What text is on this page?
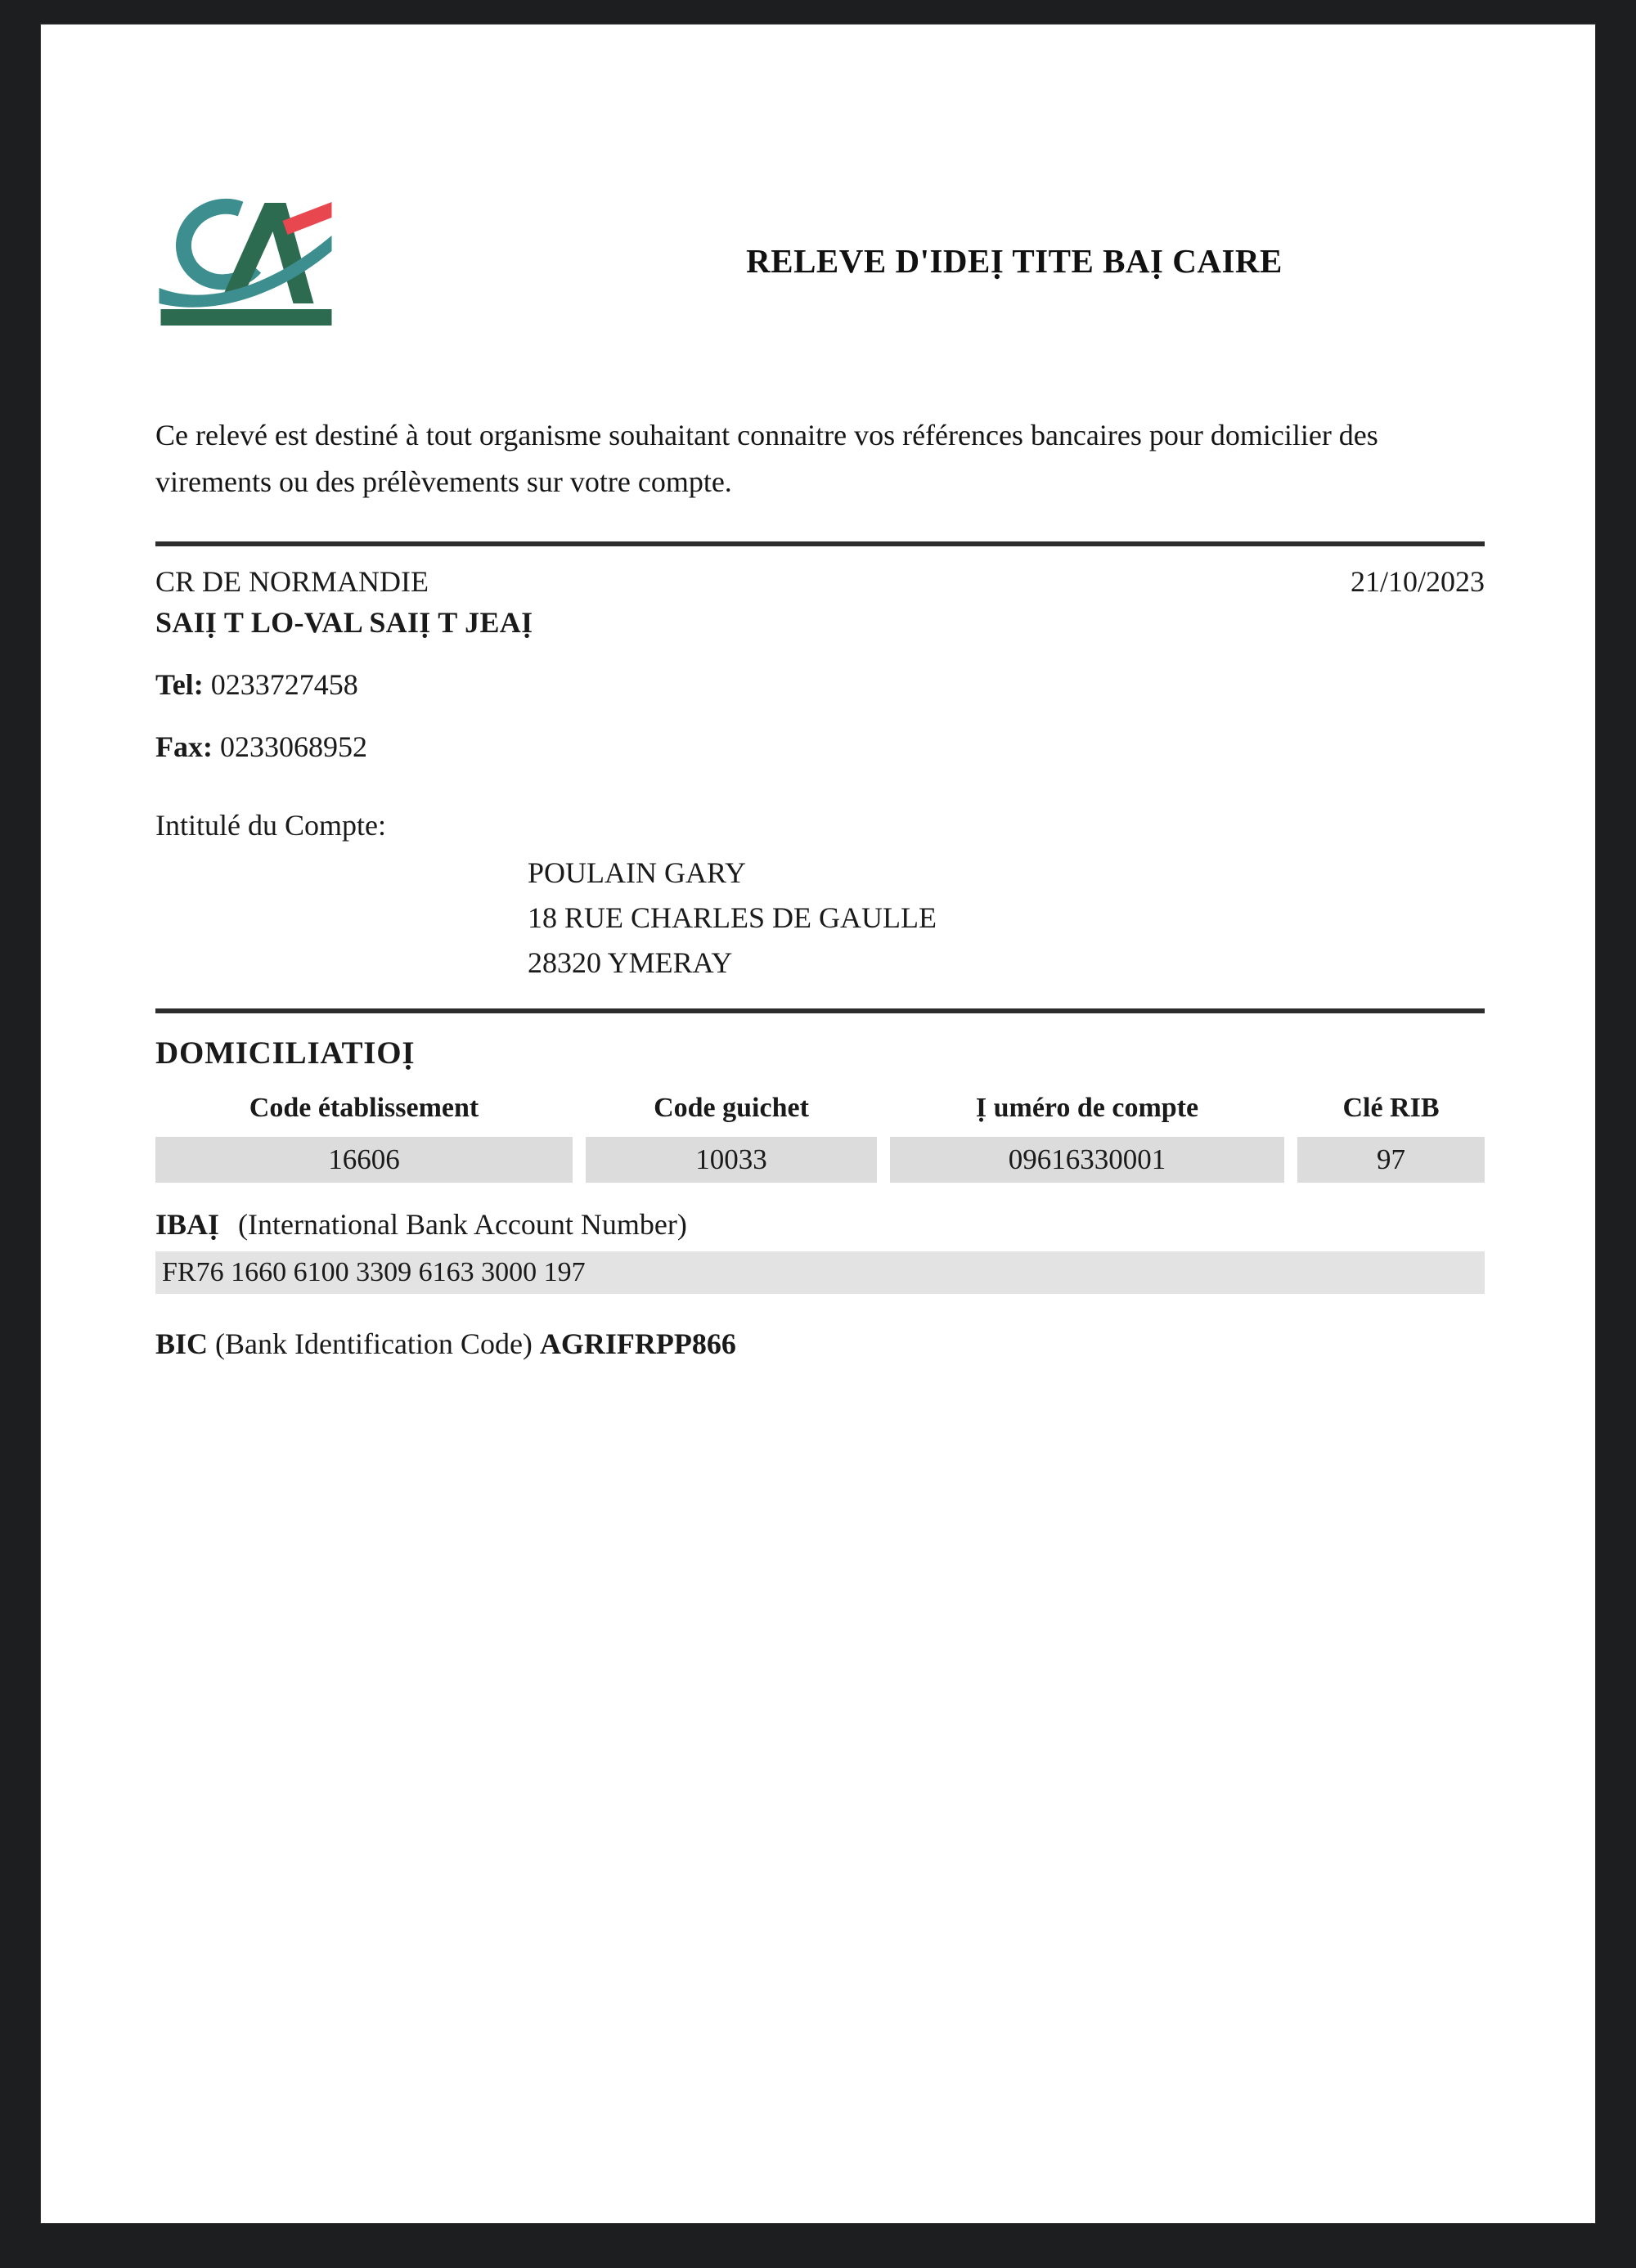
RELEVE D'IDEỊ TITE BAỊ CAIRE

Ce relevé est destiné à tout organisme souhaitant connaitre vos références bancaires pour domicilier des virements ou des prélèvements sur votre compte.

CR DE NORMANDIE	21/10/2023
SAIỊ T LO-VAL SAIỊ T JEAỊ
Tel: 0233727458
Fax: 0233068952
Intitulé du Compte:
POULAIN GARY
18 RUE CHARLES DE GAULLE
28320 YMERAY
DOMICILIATIOỊ
Code établissement	Code guichet	Ị uméro de compte	Clé RIB
16606	10033	09616330001	97
IBAỊ (International Bank Account Number)
FR76 1660 6100 3309 6163 3000 197
BIC (Bank Identification Code) AGRIFRPP866
